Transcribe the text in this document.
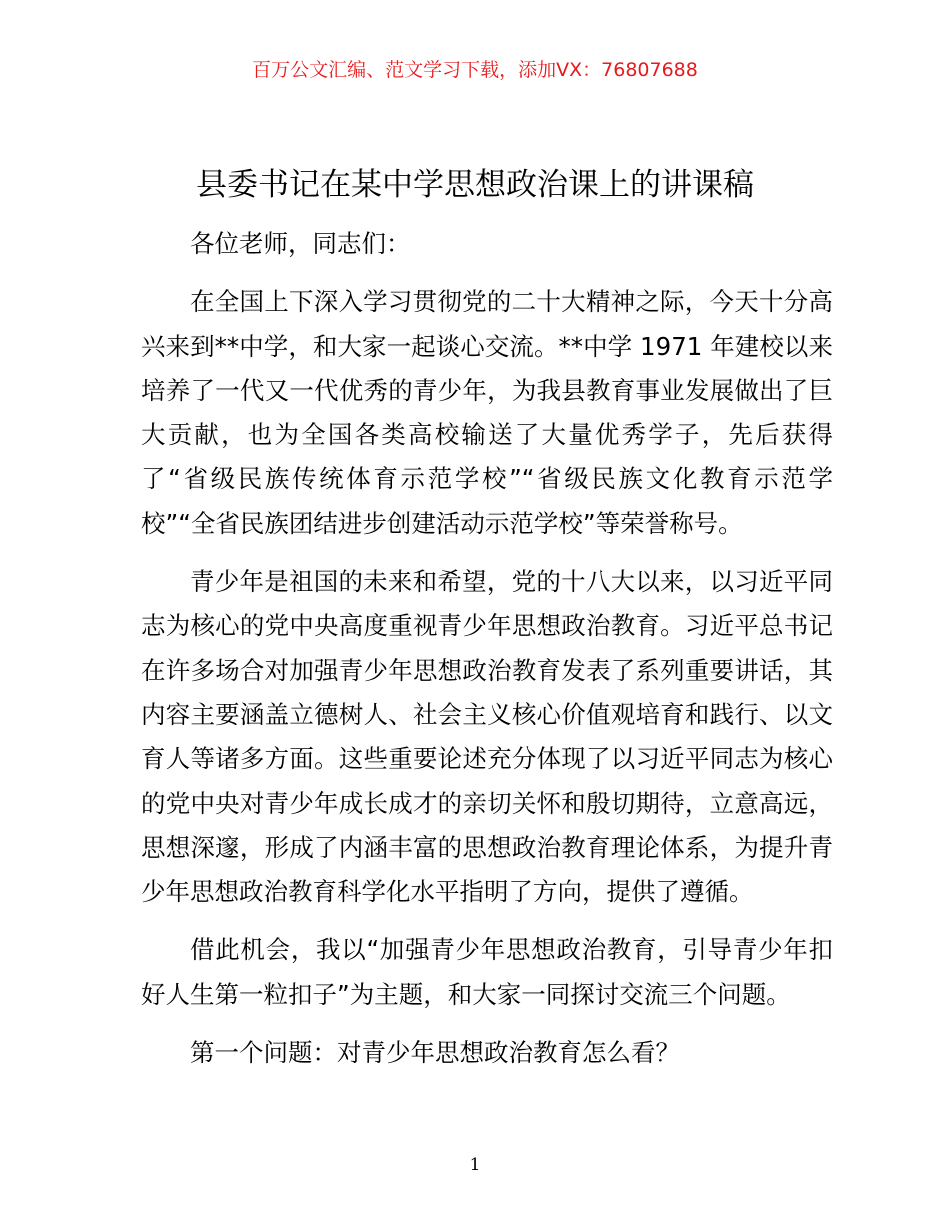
百万公文汇编、范文学习下载，添加VX：76807688
县委书记在某中学思想政治课上的讲课稿

各位老师，同志们：

在全国上下深入学习贯彻党的二十大精神之际，今天十分高兴来到**中学，和大家一起谈心交流。**中学 1971 年建校以来培养了一代又一代优秀的青少年，为我县教育事业发展做出了巨大贡献，也为全国各类高校输送了大量优秀学子，先后获得了“省级民族传统体育示范学校”“省级民族文化教育示范学校”“全省民族团结进步创建活动示范学校”等荣誉称号。

青少年是祖国的未来和希望，党的十八大以来，以习近平同志为核心的党中央高度重视青少年思想政治教育。习近平总书记在许多场合对加强青少年思想政治教育发表了系列重要讲话，其内容主要涵盖立德树人、社会主义核心价值观培育和践行、以文育人等诸多方面。这些重要论述充分体现了以习近平同志为核心的党中央对青少年成长成才的亲切关怀和殷切期待，立意高远，思想深邃，形成了内涵丰富的思想政治教育理论体系，为提升青少年思想政治教育科学化水平指明了方向，提供了遵循。

借此机会，我以“加强青少年思想政治教育，引导青少年扣好人生第一粒扣子”为主题，和大家一同探讨交流三个问题。

第一个问题：对青少年思想政治教育怎么看？

1
